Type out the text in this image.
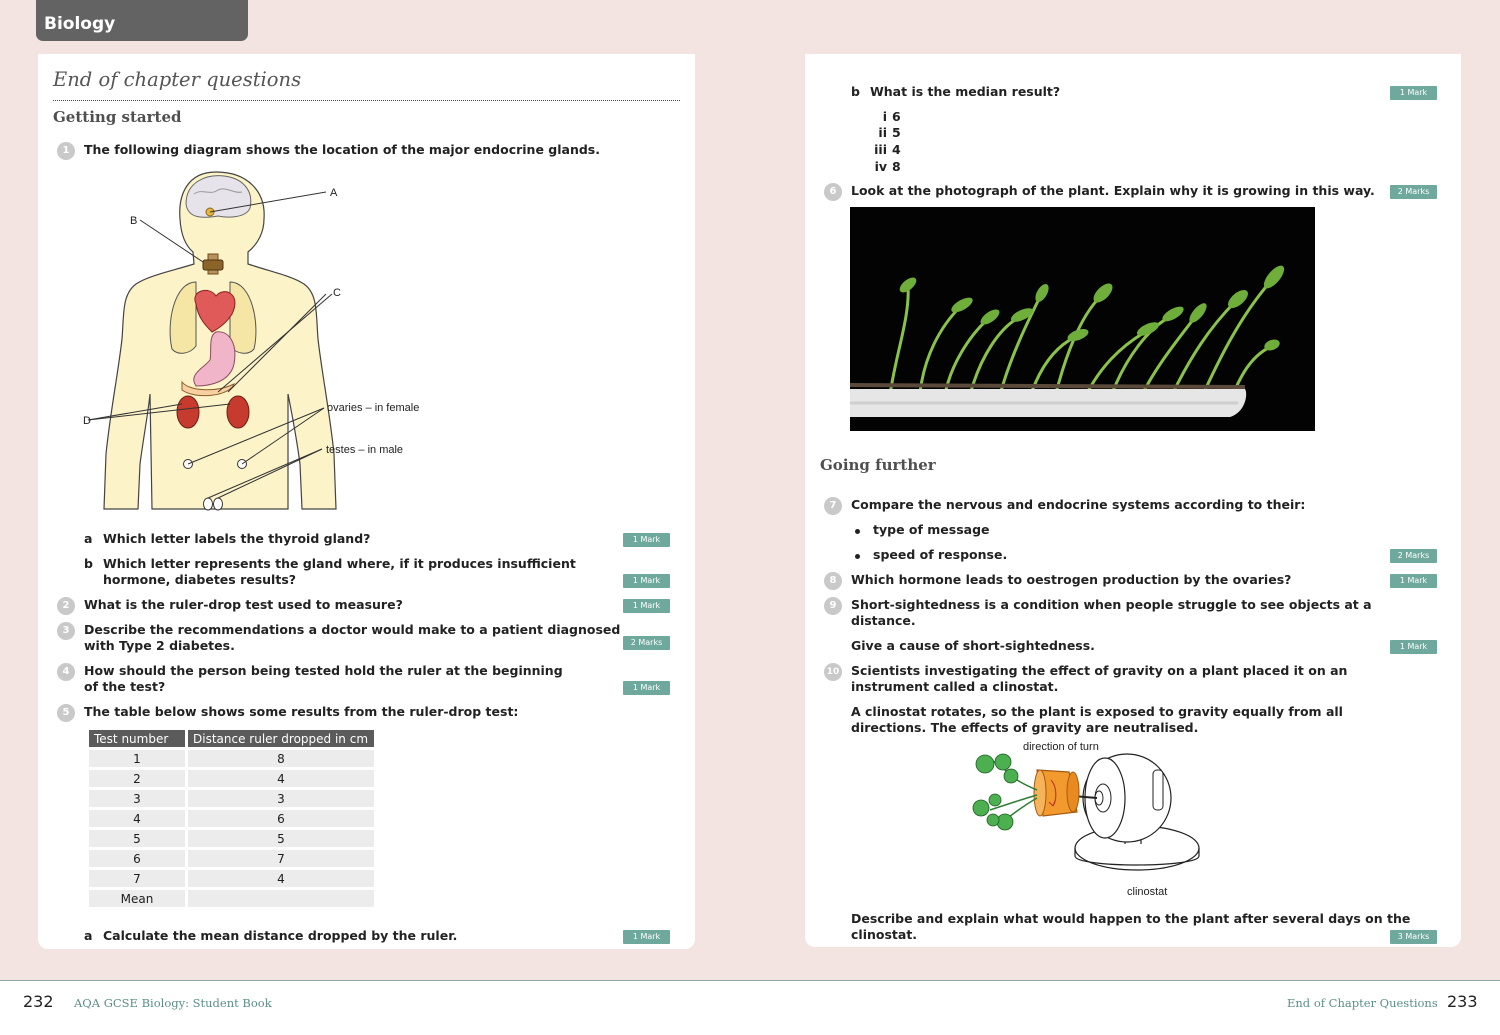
Biology
End of chapter questions
Getting started
1	The following diagram shows the location of the major endocrine glands.
A
B
C
D
ovaries – in female
testes – in male
a Which letter labels the thyroid gland?	1 Mark
b Which letter represents the gland where, if it produces insufficient
hormone, diabetes results?	1 Mark
2	What is the ruler-drop test used to measure?	1 Mark
3	Describe the recommendations a doctor would make to a patient diagnosed
with Type 2 diabetes.	2 Marks
4	How should the person being tested hold the ruler at the beginning
of the test?	1 Mark
5	The table below shows some results from the ruler-drop test:
Test number	Distance ruler dropped in cm
1	8
2	4
3	3
4	6
5	5
6	7
7	4
Mean	
a Calculate the mean distance dropped by the ruler.	1 Mark
b What is the median result?	1 Mark
i 6
ii 5
iii 4
iv 8
6	Look at the photograph of the plant. Explain why it is growing in this way.	2 Marks
Going further
7	Compare the nervous and endocrine systems according to their:
type of message
speed of response.	2 Marks
8	Which hormone leads to oestrogen production by the ovaries?	1 Mark
9	Short-sightedness is a condition when people struggle to see objects at a
distance.
Give a cause of short-sightedness.	1 Mark
10 Scientists investigating the effect of gravity on a plant placed it on an
instrument called a clinostat.
A clinostat rotates, so the plant is exposed to gravity equally from all
directions. The effects of gravity are neutralised.
direction of turn
clinostat
Describe and explain what would happen to the plant after several days on the
clinostat.	3 Marks
232 AQA GCSE Biology: Student Book	End of Chapter Questions 233
